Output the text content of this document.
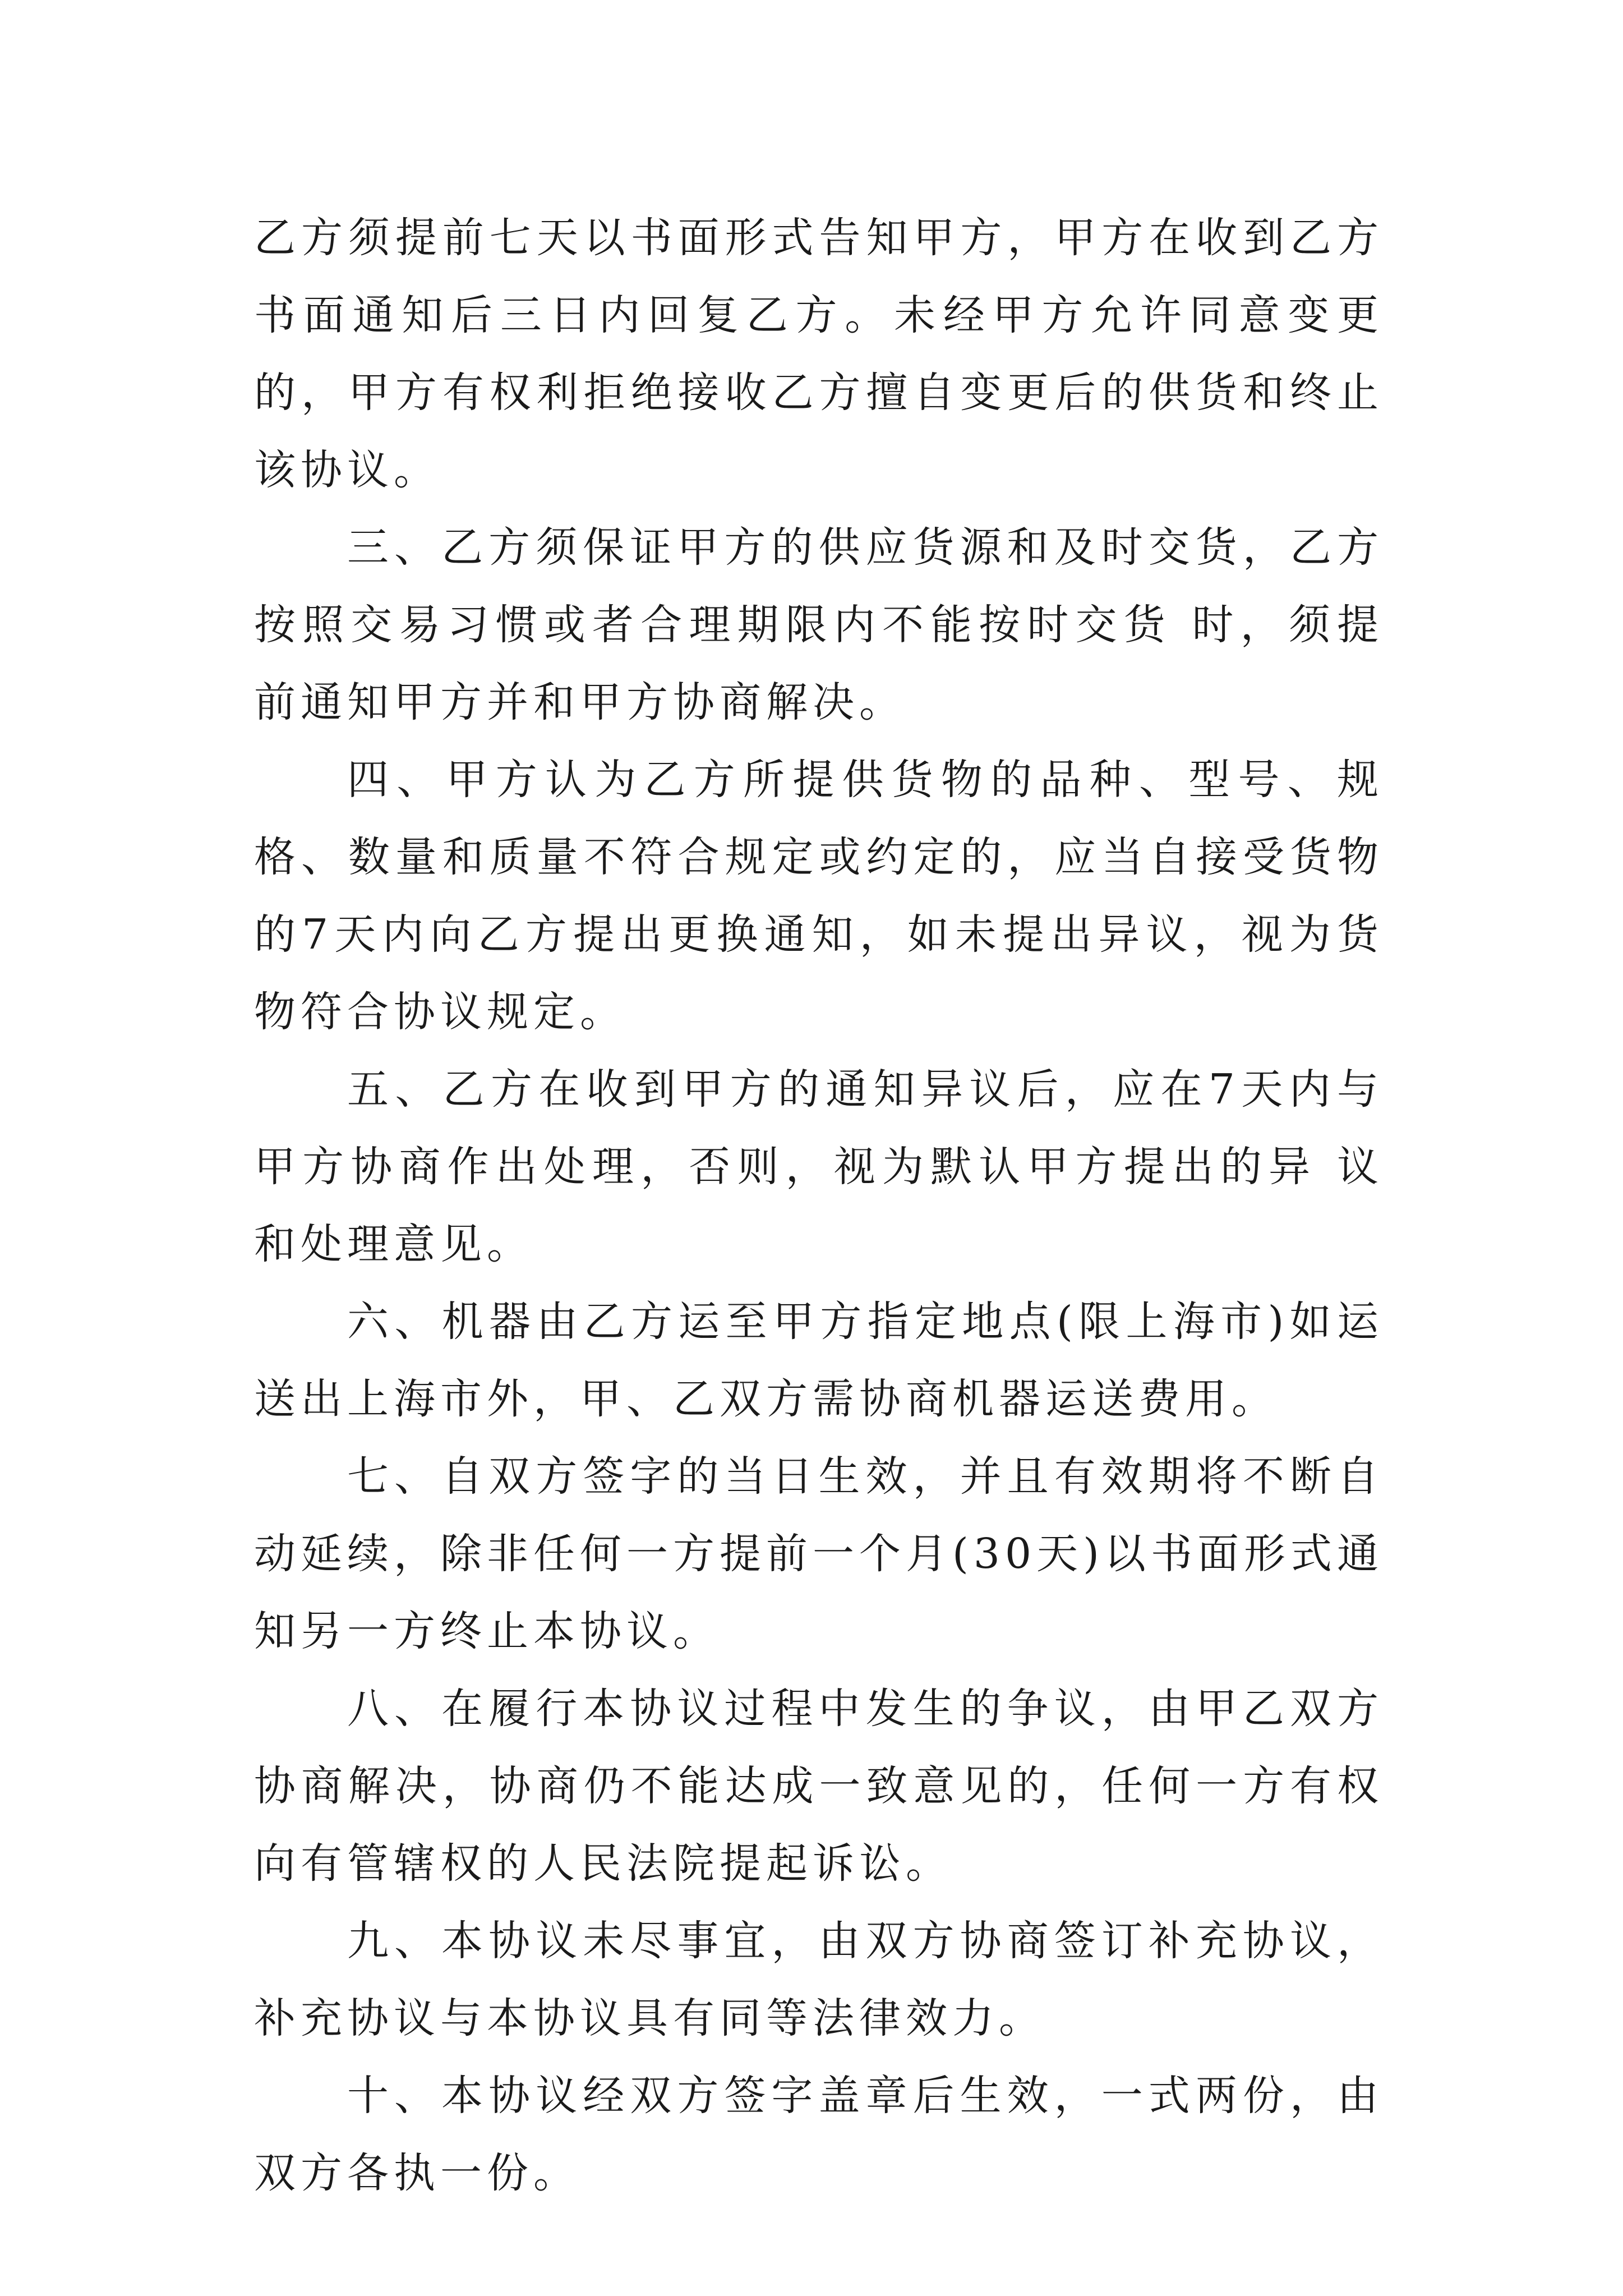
乙方须提前七天以书面形式告知甲方，甲方在收到乙方书面通知后三日内回复乙方。未经甲方允许同意变更的，甲方有权利拒绝接收乙方擅自变更后的供货和终止该协议。

三、乙方须保证甲方的供应货源和及时交货，乙方按照交易习惯或者合理期限内不能按时交货 时，须提前通知甲方并和甲方协商解决。

四、甲方认为乙方所提供货物的品种、型号、规格、数量和质量不符合规定或约定的，应当自接受货物的7天内向乙方提出更换通知，如未提出异议，视为货物符合协议规定。

五、乙方在收到甲方的通知异议后，应在7天内与甲方协商作出处理，否则，视为默认甲方提出的异 议和处理意见。

六、机器由乙方运至甲方指定地点(限上海市)如运送出上海市外，甲、乙双方需协商机器运送费用。

七、自双方签字的当日生效，并且有效期将不断自动延续，除非任何一方提前一个月(30天)以书面形式通知另一方终止本协议。

八、在履行本协议过程中发生的争议，由甲乙双方协商解决，协商仍不能达成一致意见的，任何一方有权向有管辖权的人民法院提起诉讼。

九、本协议未尽事宜，由双方协商签订补充协议，补充协议与本协议具有同等法律效力。

十、本协议经双方签字盖章后生效，一式两份，由双方各执一份。
